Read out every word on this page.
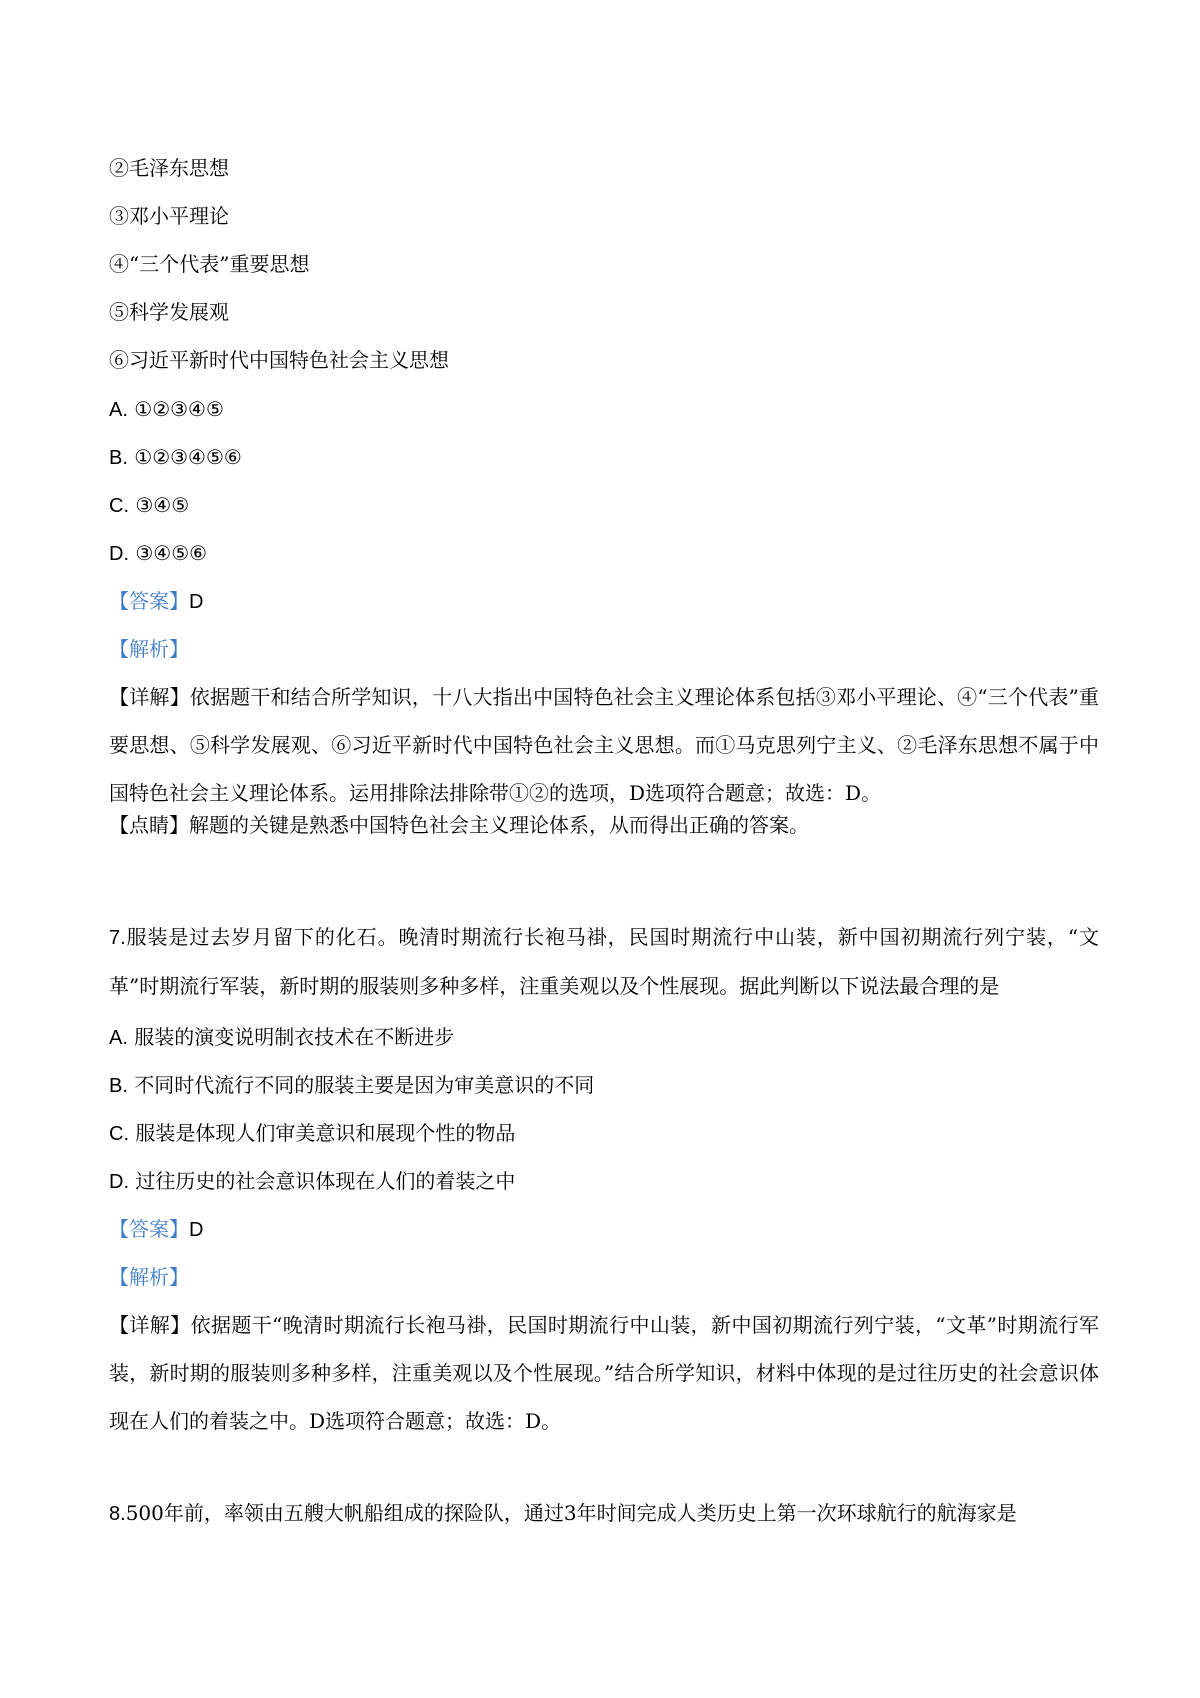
②毛泽东思想
③邓小平理论
④“三个代表”重要思想
⑤科学发展观
⑥习近平新时代中国特色社会主义思想
A. ①②③④⑤
B. ①②③④⑤⑥
C. ③④⑤
D. ③④⑤⑥
【答案】D
【解析】
【详解】依据题干和结合所学知识，十八大指出中国特色社会主义理论体系包括③邓小平理论、④“三个代表”重要思想、⑤科学发展观、⑥习近平新时代中国特色社会主义思想。而①马克思列宁主义、②毛泽东思想不属于中国特色社会主义理论体系。运用排除法排除带①②的选项，D选项符合题意；故选：D。
【点睛】解题的关键是熟悉中国特色社会主义理论体系，从而得出正确的答案。
7.服装是过去岁月留下的化石。晚清时期流行长袍马褂，民国时期流行中山装，新中国初期流行列宁装，“文革”时期流行军装，新时期的服装则多种多样，注重美观以及个性展现。据此判断以下说法最合理的是
A. 服装的演变说明制衣技术在不断进步
B. 不同时代流行不同的服装主要是因为审美意识的不同
C. 服装是体现人们审美意识和展现个性的物品
D. 过往历史的社会意识体现在人们的着装之中
【答案】D
【解析】
【详解】依据题干“晚清时期流行长袍马褂，民国时期流行中山装，新中国初期流行列宁装，“文革”时期流行军装，新时期的服装则多种多样，注重美观以及个性展现。”结合所学知识，材料中体现的是过往历史的社会意识体现在人们的着装之中。D选项符合题意；故选：D。
8.500年前，率领由五艘大帆船组成的探险队，通过3年时间完成人类历史上第一次环球航行的航海家是
